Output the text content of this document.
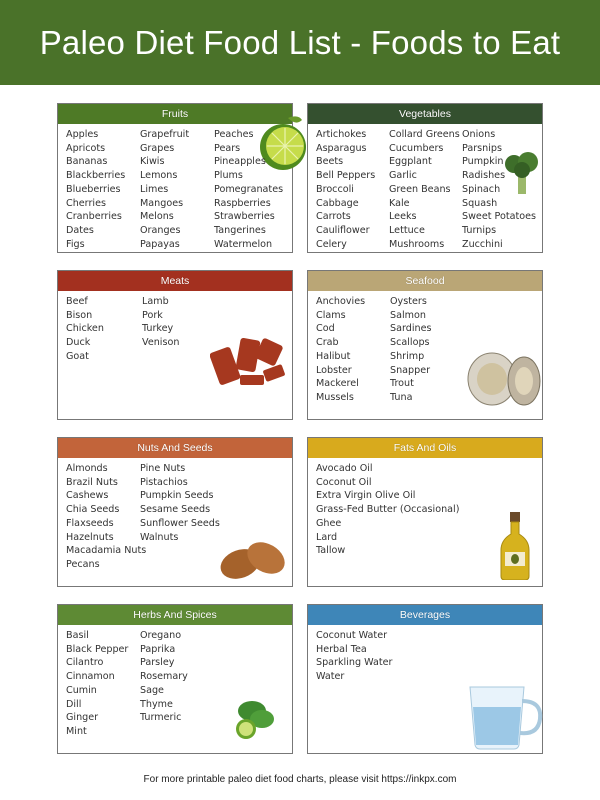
Paleo Diet Food List - Foods to Eat
Fruits
Apples
Apricots
Bananas
Blackberries
Blueberries
Cherries
Cranberries
Dates
Figs
Grapefruit
Grapes
Kiwis
Lemons
Limes
Mangoes
Melons
Oranges
Papayas
Peaches
Pears
Pineapples
Plums
Pomegranates
Raspberries
Strawberries
Tangerines
Watermelon
Vegetables
Artichokes
Asparagus
Beets
Bell Peppers
Broccoli
Cabbage
Carrots
Cauliflower
Celery
Collard Greens
Cucumbers
Eggplant
Garlic
Green Beans
Kale
Leeks
Lettuce
Mushrooms
Onions
Parsnips
Pumpkin
Radishes
Spinach
Squash
Sweet Potatoes
Turnips
Zucchini
Meats
Beef
Bison
Chicken
Duck
Goat
Lamb
Pork
Turkey
Venison
Seafood
Anchovies
Clams
Cod
Crab
Halibut
Lobster
Mackerel
Mussels
Oysters
Salmon
Sardines
Scallops
Shrimp
Snapper
Trout
Tuna
Nuts And Seeds
Almonds
Brazil Nuts
Cashews
Chia Seeds
Flaxseeds
Hazelnuts
Macadamia Nuts
Pecans
Pine Nuts
Pistachios
Pumpkin Seeds
Sesame Seeds
Sunflower Seeds
Walnuts
Fats And Oils
Avocado Oil
Coconut Oil
Extra Virgin Olive Oil
Grass-Fed Butter (Occasional)
Ghee
Lard
Tallow
Herbs And Spices
Basil
Black Pepper
Cilantro
Cinnamon
Cumin
Dill
Ginger
Mint
Oregano
Paprika
Parsley
Rosemary
Sage
Thyme
Turmeric
Beverages
Coconut Water
Herbal Tea
Sparkling Water
Water
For more printable paleo diet food charts, please visit https://inkpx.com
